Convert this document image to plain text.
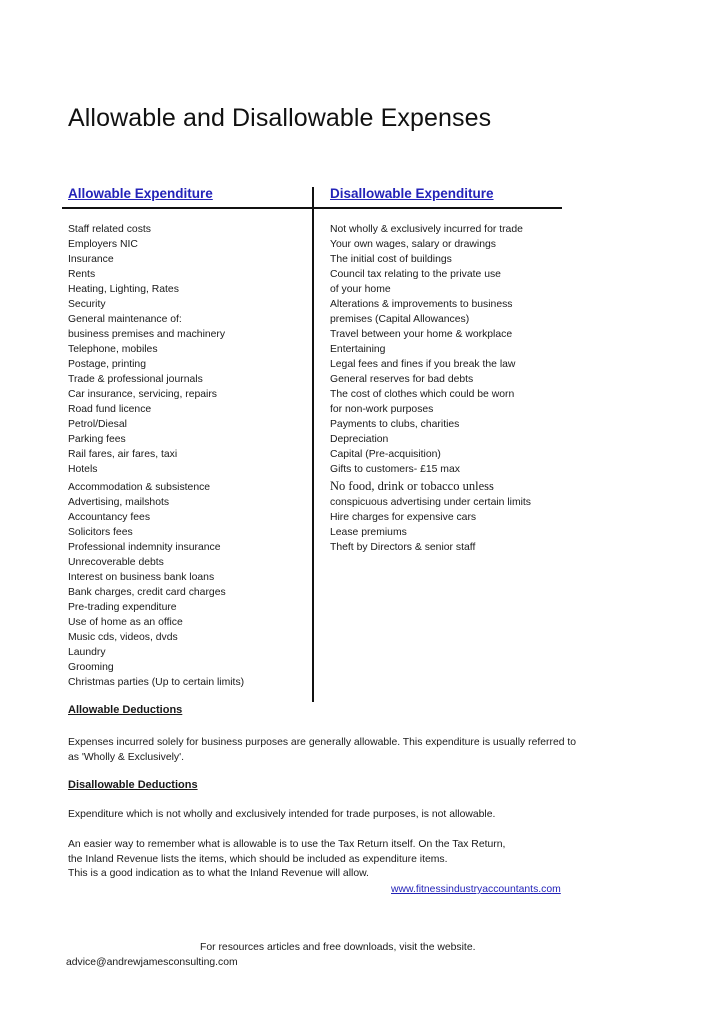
Allowable and Disallowable Expenses
Allowable Expenditure	Disallowable Expenditure
Staff related costs
Employers NIC
Insurance
Rents
Heating, Lighting, Rates
Security
General maintenance of:
business premises and machinery
Telephone, mobiles
Postage, printing
Trade & professional journals
Car insurance, servicing, repairs
Road fund licence
Petrol/Diesal
Parking fees
Rail fares, air fares, taxi
Hotels
Accommodation & subsistence
Advertising, mailshots
Accountancy fees
Solicitors fees
Professional indemnity insurance
Unrecoverable debts
Interest on business bank loans
Bank charges, credit card charges
Pre-trading expenditure
Use of home as an office
Music cds, videos, dvds
Laundry
Grooming
Christmas parties (Up to certain limits)
Not wholly & exclusively incurred for trade
Your own wages, salary or drawings
The initial cost of buildings
Council tax relating to the private use
of your home
Alterations & improvements to business
premises (Capital Allowances)
Travel between your home & workplace
Entertaining
Legal fees and fines if you break the law
General reserves for bad debts
The cost of clothes which could be worn
for non-work purposes
Payments to clubs, charities
Depreciation
Capital (Pre-acquisition)
Gifts to customers- £15 max
No food, drink or tobacco unless
conspicuous advertising under certain limits
Hire charges for expensive cars
Lease premiums
Theft by Directors & senior staff
Allowable Deductions
Expenses incurred solely for business purposes are generally allowable. This expenditure is usually referred to as 'Wholly & Exclusively'.
Disallowable Deductions
Expenditure which is not wholly and exclusively intended for trade purposes, is not allowable.
An easier way to remember what is allowable is to use the Tax Return itself. On the Tax Return,
the Inland Revenue lists the items, which should be included as expenditure items.
This is a good indication as to what the Inland Revenue will allow.
www.fitnessindustryaccountants.com
For resources articles and free downloads, visit the website.
advice@andrewjamesconsulting.com
